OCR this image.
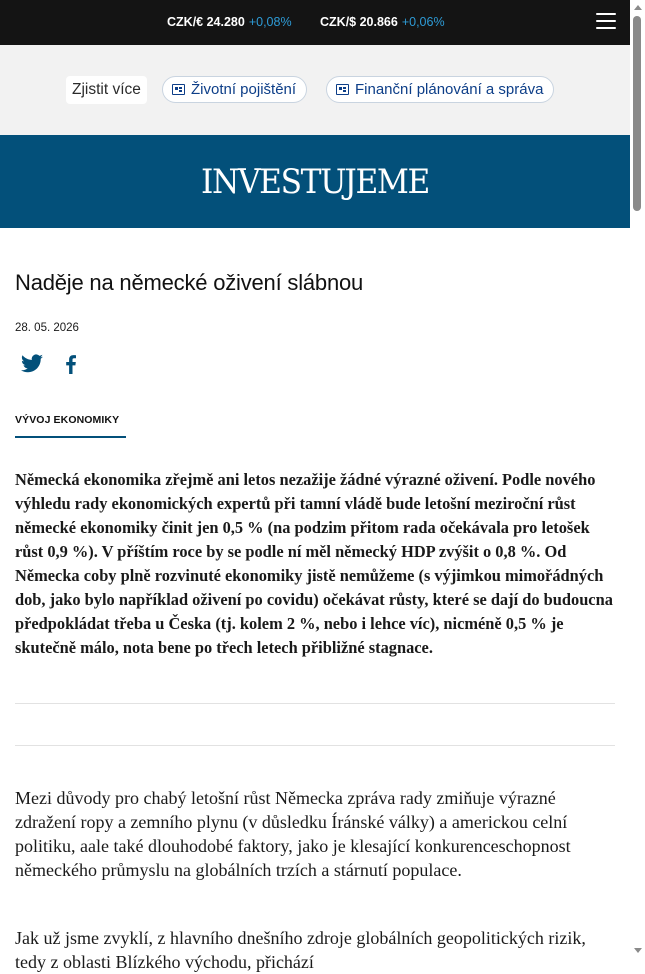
CZK/€ 24.280 +0,08% CZK/$ 20.866 +0,06%
Zjistit více	Životní pojištění	Finanční plánování a správa
INVESTUJEME
Naděje na německé oživení slábnou
28. 05. 2026
VÝVOJ EKONOMIKY

Německá ekonomika zřejmě ani letos nezažije žádné výrazné oživení. Podle nového výhledu rady ekonomických expertů při tamní vládě bude letošní meziroční růst německé ekonomiky činit jen 0,5 % (na podzim přitom rada očekávala pro letošek růst 0,9 %). V příštím roce by se podle ní měl německý HDP zvýšit o 0,8 %. Od Německa coby plně rozvinuté ekonomiky jistě nemůžeme (s výjimkou mimořádných dob, jako bylo například oživení po covidu) očekávat růsty, které se dají do budoucna předpokládat třeba u Česka (tj. kolem 2 %, nebo i lehce víc), nicméně 0,5 % je skutečně málo, nota bene po třech letech přibližné stagnace.

Mezi důvody pro chabý letošní růst Německa zpráva rady zmiňuje výrazné zdražení ropy a zemního plynu (v důsledku Íránské války) a americkou celní politiku, aale také dlouhodobé faktory, jako je klesající konkurenceschopnost německého průmyslu na globálních trzích a stárnutí populace.

Jak už jsme zvyklí, z hlavního dnešního zdroje globálních geopolitických rizik, tedy z oblasti Blízkého východu, přichází
